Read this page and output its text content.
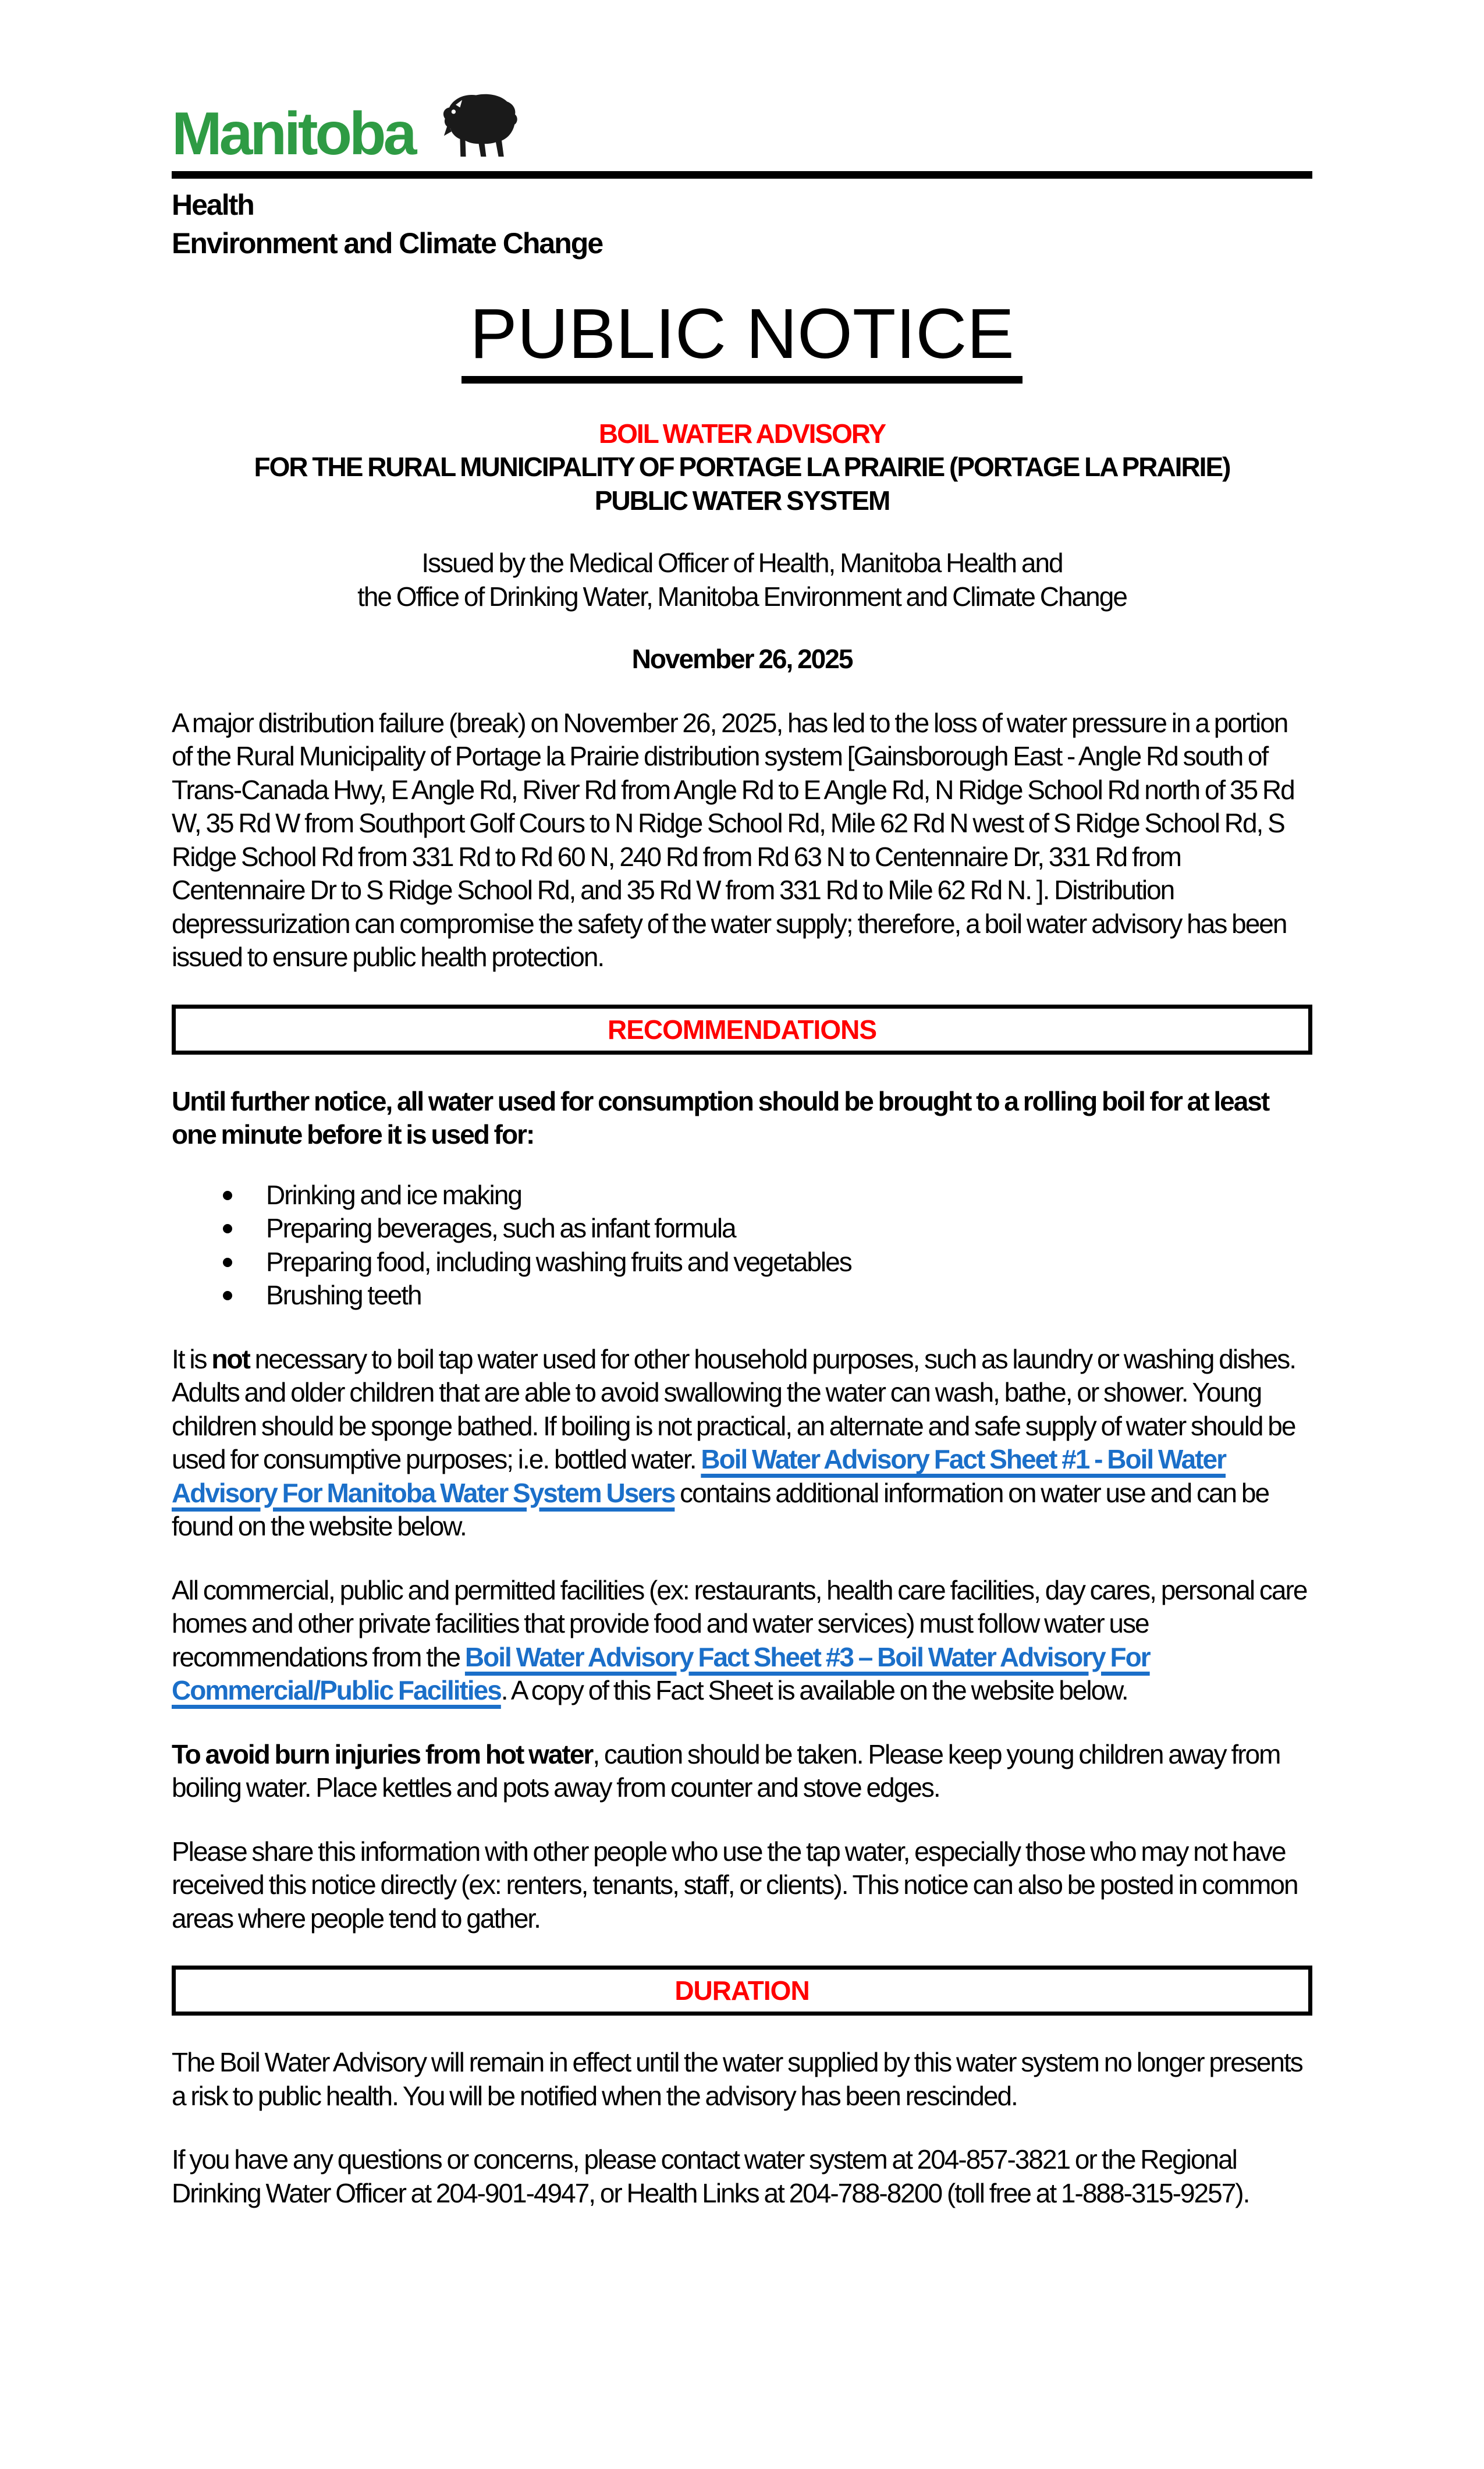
Manitoba
Health
Environment and Climate Change
PUBLIC NOTICE
BOIL WATER ADVISORY
FOR THE RURAL MUNICIPALITY OF PORTAGE LA PRAIRIE (PORTAGE LA PRAIRIE)
PUBLIC WATER SYSTEM
Issued by the Medical Officer of Health, Manitoba Health and
the Office of Drinking Water, Manitoba Environment and Climate Change
November 26, 2025

A major distribution failure (break) on November 26, 2025, has led to the loss of water pressure in a portion of the Rural Municipality of Portage la Prairie distribution system [Gainsborough East - Angle Rd south of Trans-Canada Hwy, E Angle Rd, River Rd from Angle Rd to E Angle Rd, N Ridge School Rd north of 35 Rd W, 35 Rd W from Southport Golf Cours to N Ridge School Rd, Mile 62 Rd N west of S Ridge School Rd, S Ridge School Rd from 331 Rd to Rd 60 N, 240 Rd from Rd 63 N to Centennaire Dr, 331 Rd from Centennaire Dr to S Ridge School Rd, and 35 Rd W from 331 Rd to Mile 62 Rd N. ]. Distribution depressurization can compromise the safety of the water supply; therefore, a boil water advisory has been issued to ensure public health protection.

RECOMMENDATIONS

Until further notice, all water used for consumption should be brought to a rolling boil for at least one minute before it is used for:

Drinking and ice making
Preparing beverages, such as infant formula
Preparing food, including washing fruits and vegetables
Brushing teeth

It is not necessary to boil tap water used for other household purposes, such as laundry or washing dishes. Adults and older children that are able to avoid swallowing the water can wash, bathe, or shower. Young children should be sponge bathed. If boiling is not practical, an alternate and safe supply of water should be used for consumptive purposes; i.e. bottled water. Boil Water Advisory Fact Sheet #1 - Boil Water Advisory For Manitoba Water System Users contains additional information on water use and can be found on the website below.

All commercial, public and permitted facilities (ex: restaurants, health care facilities, day cares, personal care homes and other private facilities that provide food and water services) must follow water use recommendations from the Boil Water Advisory Fact Sheet #3 – Boil Water Advisory For Commercial/Public Facilities. A copy of this Fact Sheet is available on the website below.

To avoid burn injuries from hot water, caution should be taken. Please keep young children away from boiling water. Place kettles and pots away from counter and stove edges.

Please share this information with other people who use the tap water, especially those who may not have received this notice directly (ex: renters, tenants, staff, or clients). This notice can also be posted in common areas where people tend to gather.

DURATION

The Boil Water Advisory will remain in effect until the water supplied by this water system no longer presents a risk to public health. You will be notified when the advisory has been rescinded.

If you have any questions or concerns, please contact water system at 204-857-3821 or the Regional Drinking Water Officer at 204-901-4947, or Health Links at 204-788-8200 (toll free at 1-888-315-9257).
